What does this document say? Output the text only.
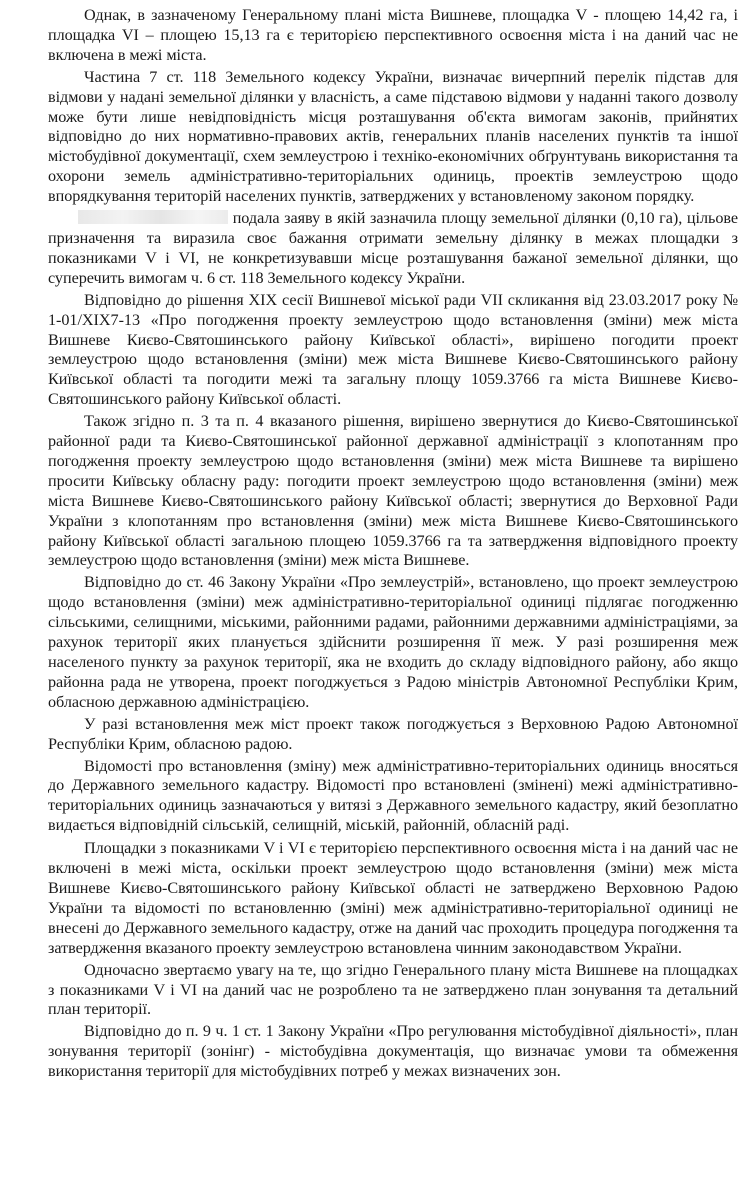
Однак, в зазначеному Генеральному плані міста Вишневе, площадка V - площею 14,42 га, і площадка VI – площею 15,13 га є територією перспективного освоєння міста і на даний час не включена в межі міста.

Частина 7 ст. 118 Земельного кодексу України, визначає вичерпний перелік підстав для відмови у надані земельної ділянки у власність, а саме підставою відмови у наданні такого дозволу може бути лише невідповідність місця розташування об'єкта вимогам законів, прийнятих відповідно до них нормативно-правових актів, генеральних планів населених пунктів та іншої містобудівної документації, схем землеустрою і техніко-економічних обґрунтувань використання та охорони земель адміністративно-територіальних одиниць, проектів землеустрою щодо впорядкування територій населених пунктів, затверджених у встановленому законом порядку.

подала заяву в якій зазначила площу земельної ділянки (0,10 га), цільове призначення та виразила своє бажання отримати земельну ділянку в межах площадки з показниками V і VI, не конкретизувавши місце розташування бажаної земельної ділянки, що суперечить вимогам ч. 6 ст. 118 Земельного кодексу України.

Відповідно до рішення XIX сесії Вишневої міської ради VII скликання від 23.03.2017 року № 1-01/XIX7-13 «Про погодження проекту землеустрою щодо встановлення (зміни) меж міста Вишневе Києво-Святошинського району Київської області», вирішено погодити проект землеустрою щодо встановлення (зміни) меж міста Вишневе Києво-Святошинського району Київської області та погодити межі та загальну площу 1059.3766 га міста Вишневе Києво-Святошинського району Київської області.

Також згідно п. 3 та п. 4 вказаного рішення, вирішено звернутися до Києво-Святошинської районної ради та Києво-Святошинської районної державної адміністрації з клопотанням про погодження проекту землеустрою щодо встановлення (зміни) меж міста Вишневе та вирішено просити Київську обласну раду: погодити проект землеустрою щодо встановлення (зміни) меж міста Вишневе Києво-Святошинського району Київської області; звернутися до Верховної Ради України з клопотанням про встановлення (зміни) меж міста Вишневе Києво-Святошинського району Київської області загальною площею 1059.3766 га та затвердження відповідного проекту землеустрою щодо встановлення (зміни) меж міста Вишневе.

Відповідно до ст. 46 Закону України «Про землеустрій», встановлено, що проект землеустрою щодо встановлення (зміни) меж адміністративно-територіальної одиниці підлягає погодженню сільськими, селищними, міськими, районними радами, районними державними адміністраціями, за рахунок території яких планується здійснити розширення її меж. У разі розширення меж населеного пункту за рахунок території, яка не входить до складу відповідного району, або якщо районна рада не утворена, проект погоджується з Радою міністрів Автономної Республіки Крим, обласною державною адміністрацією.

У разі встановлення меж міст проект також погоджується з Верховною Радою Автономної Республіки Крим, обласною радою.

Відомості про встановлення (зміну) меж адміністративно-територіальних одиниць вносяться до Державного земельного кадастру. Відомості про встановлені (змінені) межі адміністративно-територіальних одиниць зазначаються у витязі з Державного земельного кадастру, який безоплатно видається відповідній сільській, селищній, міській, районній, обласній раді.

Площадки з показниками V і VI є територією перспективного освоєння міста і на даний час не включені в межі міста, оскільки проект землеустрою щодо встановлення (зміни) меж міста Вишневе Києво-Святошинського району Київської області не затверджено Верховною Радою України та відомості по встановленню (зміні) меж адміністративно-територіальної одиниці не внесені до Державного земельного кадастру, отже на даний час проходить процедура погодження та затвердження вказаного проекту землеустрою встановлена чинним законодавством України.

Одночасно звертаємо увагу на те, що згідно Генерального плану міста Вишневе на площадках з показниками V і VI на даний час не розроблено та не затверджено план зонування та детальний план території.

Відповідно до п. 9 ч. 1 ст. 1 Закону України «Про регулювання містобудівної діяльності», план зонування території (зонінг) - містобудівна документація, що визначає умови та обмеження використання території для містобудівних потреб у межах визначених зон.
